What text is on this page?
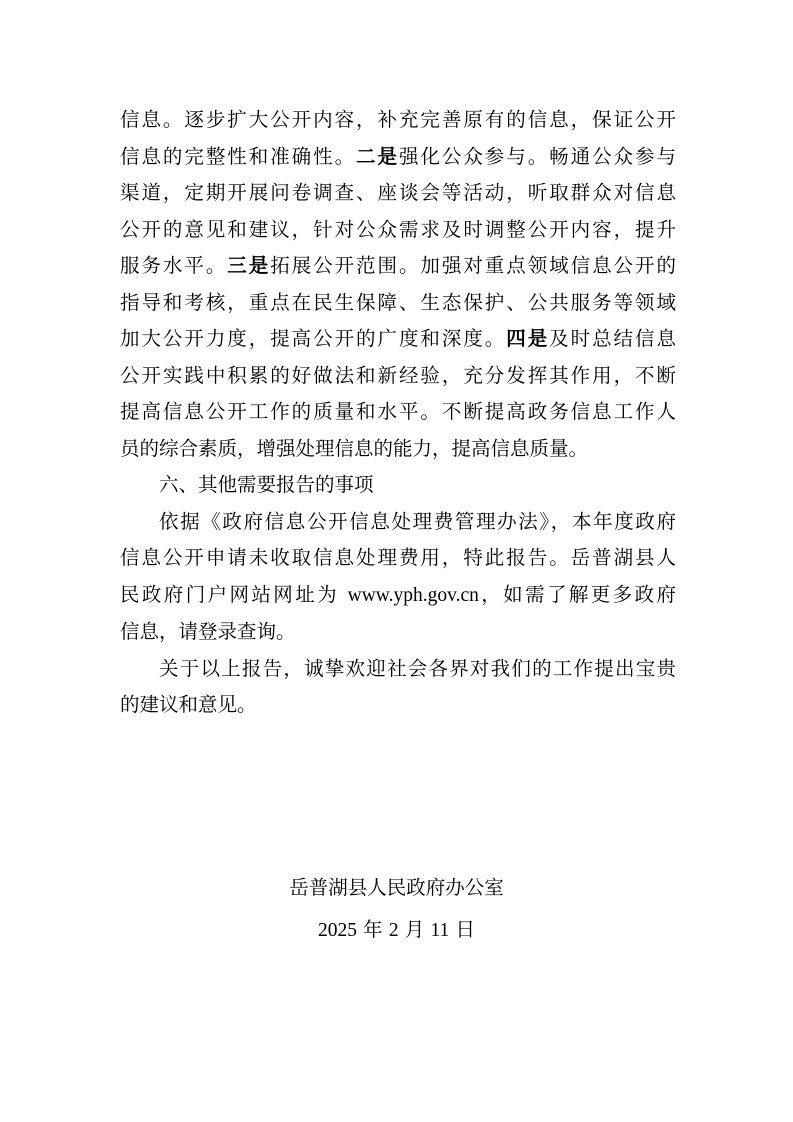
信息。逐步扩大公开内容，补充完善原有的信息，保证公开
信息的完整性和准确性。二是强化公众参与。畅通公众参与
渠道，定期开展问卷调查、座谈会等活动，听取群众对信息
公开的意见和建议，针对公众需求及时调整公开内容，提升
服务水平。三是拓展公开范围。加强对重点领域信息公开的
指导和考核，重点在民生保障、生态保护、公共服务等领域
加大公开力度，提高公开的广度和深度。四是及时总结信息
公开实践中积累的好做法和新经验，充分发挥其作用，不断
提高信息公开工作的质量和水平。不断提高政务信息工作人
员的综合素质，增强处理信息的能力，提高信息质量。
六、其他需要报告的事项
依据《政府信息公开信息处理费管理办法》，本年度政府
信息公开申请未收取信息处理费用，特此报告。岳普湖县人
民政府门户网站网址为 www.yph.gov.cn，如需了解更多政府
信息，请登录查询。
关于以上报告，诚挚欢迎社会各界对我们的工作提出宝贵
的建议和意见。
岳普湖县人民政府办公室
2025 年 2 月 11 日
